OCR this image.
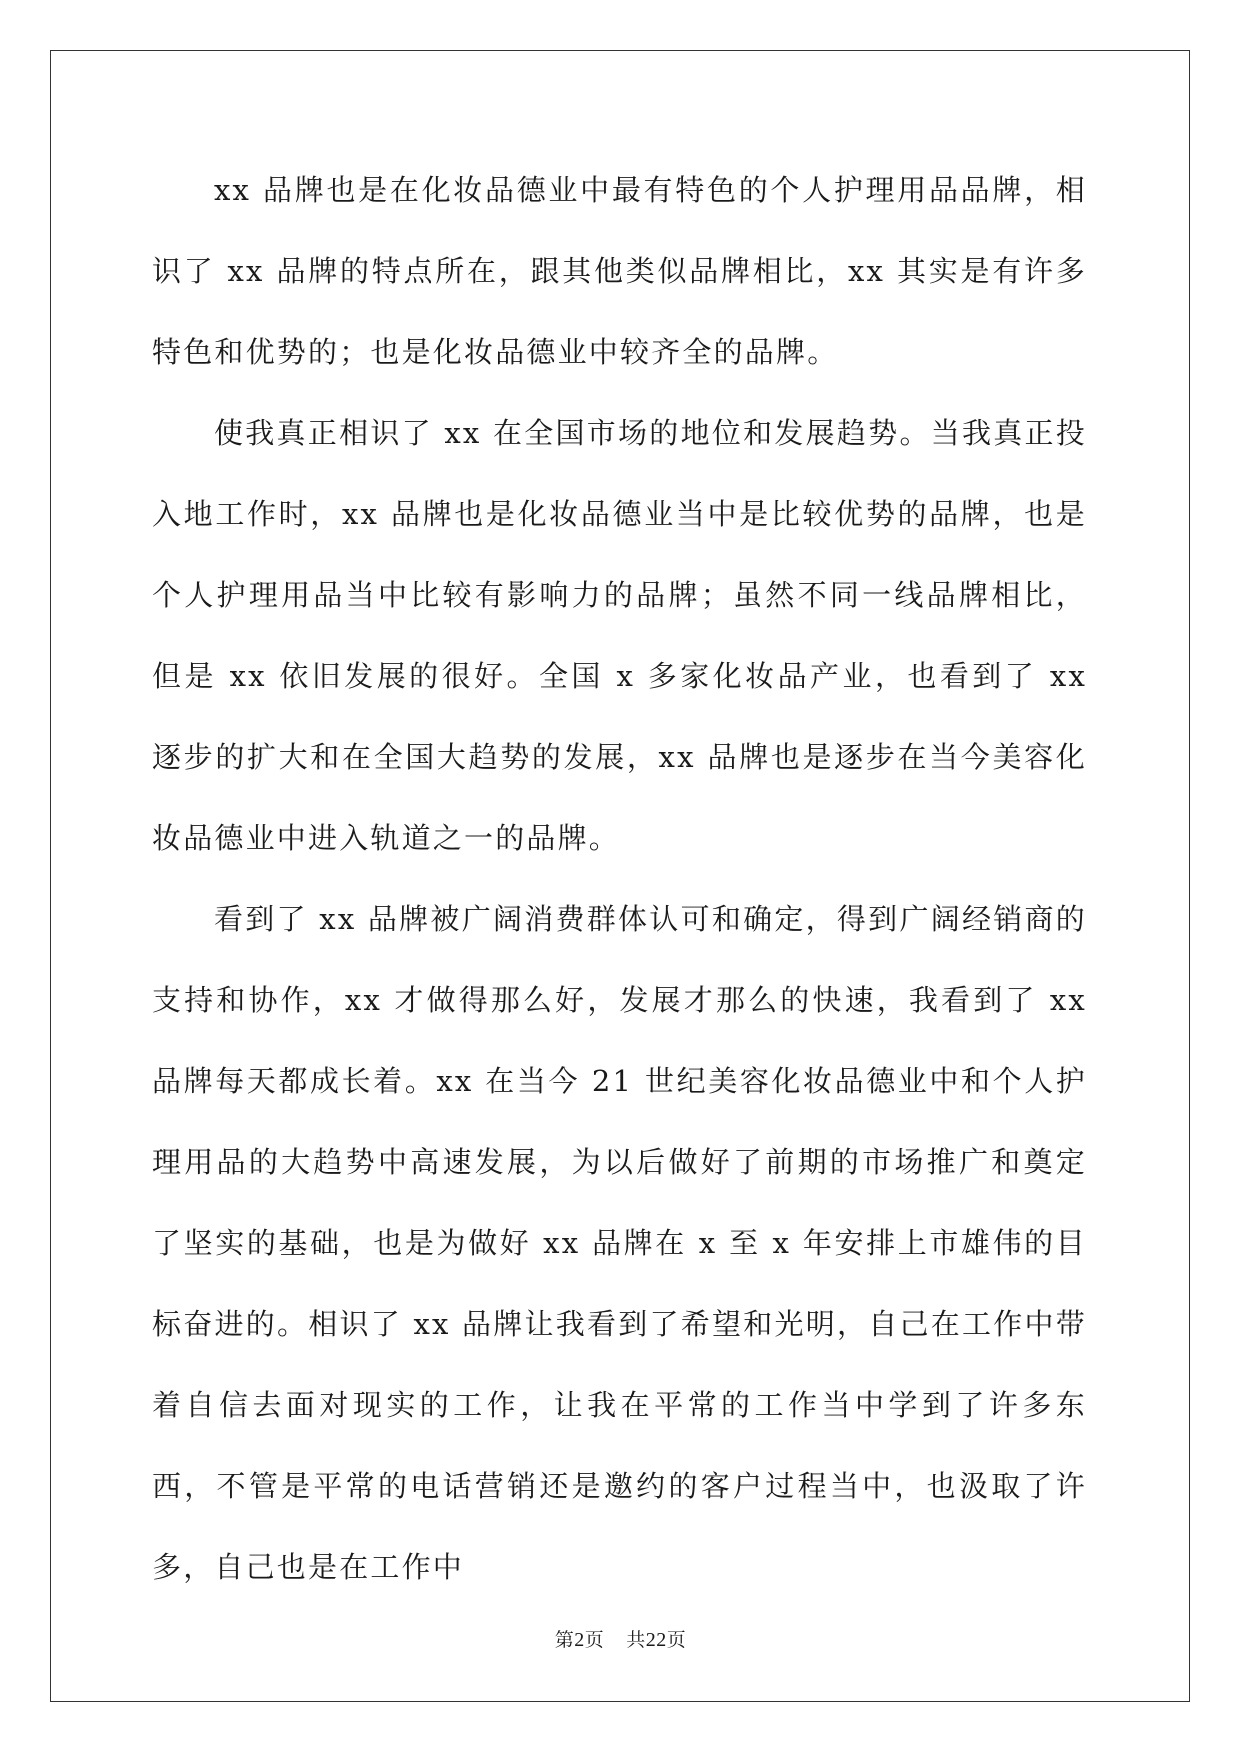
xx 品牌也是在化妆品德业中最有特色的个人护理用品品牌，相识了 xx 品牌的特点所在，跟其他类似品牌相比，xx 其实是有许多特色和优势的；也是化妆品德业中较齐全的品牌。

使我真正相识了 xx 在全国市场的地位和发展趋势。当我真正投入地工作时，xx 品牌也是化妆品德业当中是比较优势的品牌，也是个人护理用品当中比较有影响力的品牌；虽然不同一线品牌相比，但是 xx 依旧发展的很好。全国 x 多家化妆品产业，也看到了 xx 逐步的扩大和在全国大趋势的发展，xx 品牌也是逐步在当今美容化妆品德业中进入轨道之一的品牌。

看到了 xx 品牌被广阔消费群体认可和确定，得到广阔经销商的支持和协作，xx 才做得那么好，发展才那么的快速，我看到了 xx 品牌每天都成长着。xx 在当今 21 世纪美容化妆品德业中和个人护理用品的大趋势中高速发展，为以后做好了前期的市场推广和奠定了坚实的基础，也是为做好 xx 品牌在 x 至 x 年安排上市雄伟的目标奋进的。相识了 xx 品牌让我看到了希望和光明，自己在工作中带着自信去面对现实的工作，让我在平常的工作当中学到了许多东西，不管是平常的电话营销还是邀约的客户过程当中，也汲取了许多，自己也是在工作中

第2页 共22页
